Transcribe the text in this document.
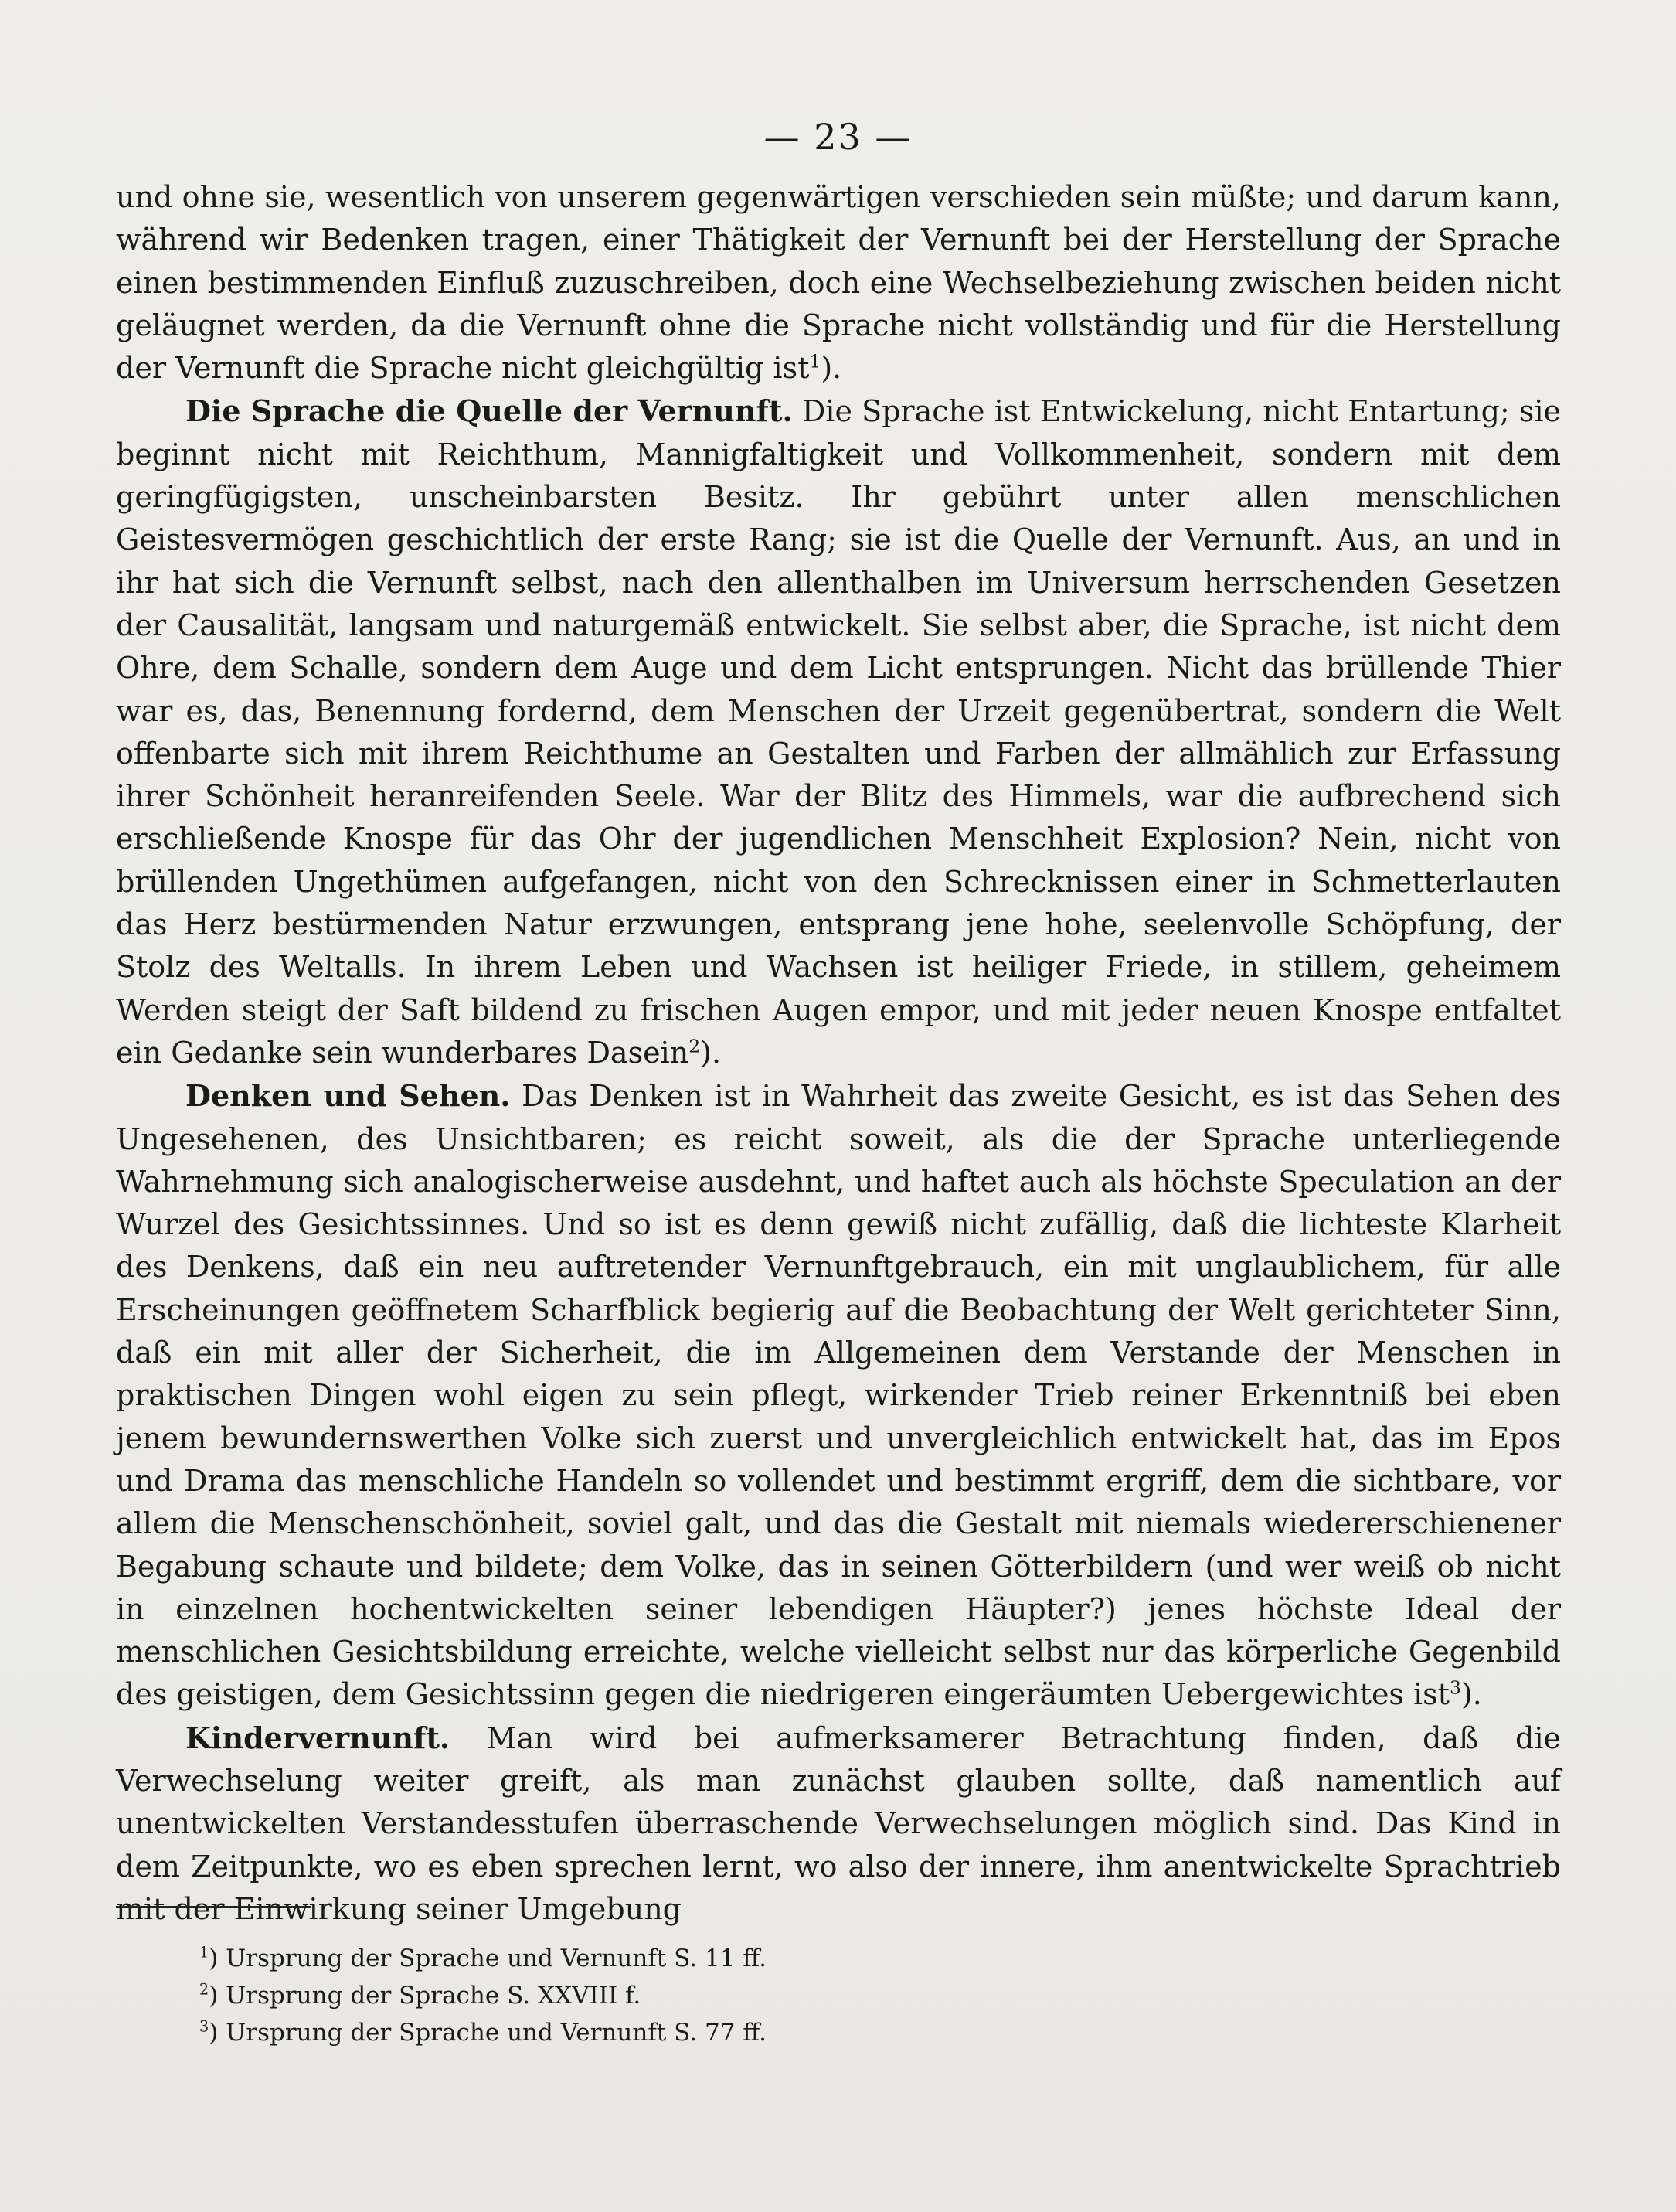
— 23 —

und ohne sie, wesentlich von unserem gegenwärtigen verschieden sein müßte; und darum kann, während wir Bedenken tragen, einer Thätigkeit der Vernunft bei der Herstellung der Sprache einen bestimmenden Einfluß zuzuschreiben, doch eine Wechselbeziehung zwischen beiden nicht geläugnet werden, da die Vernunft ohne die Sprache nicht vollständig und für die Herstellung der Vernunft die Sprache nicht gleichgültig ist$^1$).

Die Sprache die Quelle der Vernunft. Die Sprache ist Entwickelung, nicht Entartung; sie beginnt nicht mit Reichthum, Mannigfaltigkeit und Vollkommenheit, sondern mit dem geringfügigsten, unscheinbarsten Besitz. Ihr gebührt unter allen menschlichen Geistesvermögen geschichtlich der erste Rang; sie ist die Quelle der Vernunft. Aus, an und in ihr hat sich die Vernunft selbst, nach den allenthalben im Universum herrschenden Gesetzen der Causalität, langsam und naturgemäß entwickelt. Sie selbst aber, die Sprache, ist nicht dem Ohre, dem Schalle, sondern dem Auge und dem Licht entsprungen. Nicht das brüllende Thier war es, das, Benennung fordernd, dem Menschen der Urzeit gegenübertrat, sondern die Welt offenbarte sich mit ihrem Reichthume an Gestalten und Farben der allmählich zur Erfassung ihrer Schönheit heranreifenden Seele. War der Blitz des Himmels, war die aufbrechend sich erschließende Knospe für das Ohr der jugendlichen Menschheit Explosion? Nein, nicht von brüllenden Ungethümen aufgefangen, nicht von den Schrecknissen einer in Schmetterlauten das Herz bestürmenden Natur erzwungen, entsprang jene hohe, seelenvolle Schöpfung, der Stolz des Weltalls. In ihrem Leben und Wachsen ist heiliger Friede, in stillem, geheimem Werden steigt der Saft bildend zu frischen Augen empor, und mit jeder neuen Knospe entfaltet ein Gedanke sein wunderbares Dasein$^2$).

Denken und Sehen. Das Denken ist in Wahrheit das zweite Gesicht, es ist das Sehen des Ungesehenen, des Unsichtbaren; es reicht soweit, als die der Sprache unterliegende Wahrnehmung sich analogischerweise ausdehnt, und haftet auch als höchste Speculation an der Wurzel des Gesichtssinnes. Und so ist es denn gewiß nicht zufällig, daß die lichteste Klarheit des Denkens, daß ein neu auftretender Vernunftgebrauch, ein mit unglaublichem, für alle Erscheinungen geöffnetem Scharfblick begierig auf die Beobachtung der Welt gerichteter Sinn, daß ein mit aller der Sicherheit, die im Allgemeinen dem Verstande der Menschen in praktischen Dingen wohl eigen zu sein pflegt, wirkender Trieb reiner Erkenntniß bei eben jenem bewundernswerthen Volke sich zuerst und unvergleichlich entwickelt hat, das im Epos und Drama das menschliche Handeln so vollendet und bestimmt ergriff, dem die sichtbare, vor allem die Menschenschönheit, soviel galt, und das die Gestalt mit niemals wiedererschienener Begabung schaute und bildete; dem Volke, das in seinen Götterbildern (und wer weiß ob nicht in einzelnen hochentwickelten seiner lebendigen Häupter?) jenes höchste Ideal der menschlichen Gesichtsbildung erreichte, welche vielleicht selbst nur das körperliche Gegenbild des geistigen, dem Gesichtssinn gegen die niedrigeren eingeräumten Uebergewichtes ist$^3$).

Kindervernunft. Man wird bei aufmerksamerer Betrachtung finden, daß die Verwechselung weiter greift, als man zunächst glauben sollte, daß namentlich auf unentwickelten Verstandesstufen überraschende Verwechselungen möglich sind. Das Kind in dem Zeitpunkte, wo es eben sprechen lernt, wo also der innere, ihm anentwickelte Sprachtrieb mit der Einwirkung seiner Umgebung

$^1$) Ursprung der Sprache und Vernunft S. 11 ff.
$^2$) Ursprung der Sprache S. XXVIII f.
$^3$) Ursprung der Sprache und Vernunft S. 77 ff.
